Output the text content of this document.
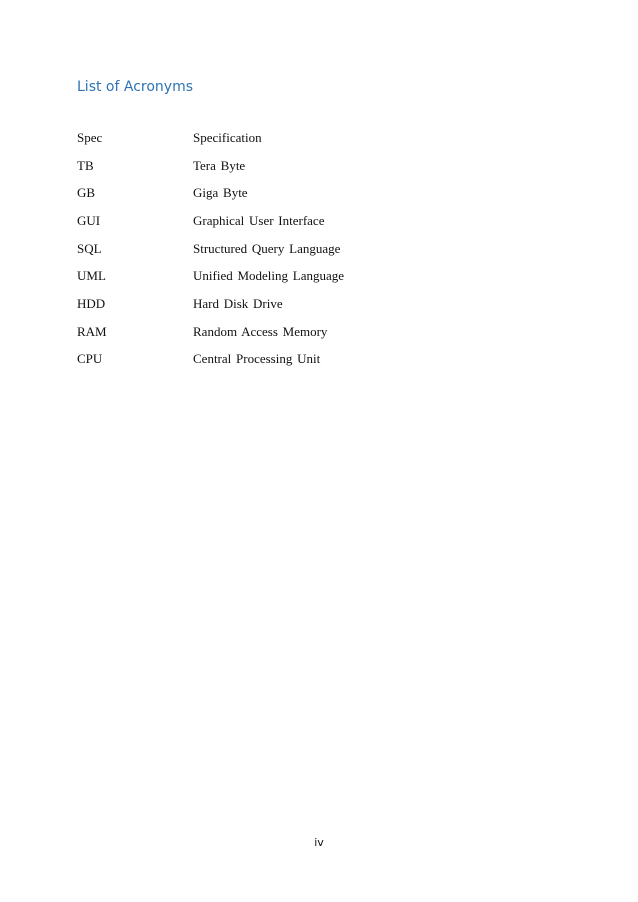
List of Acronyms
Spec	Specification
TB	Tera Byte
GB	Giga Byte
GUI	Graphical User Interface
SQL	Structured Query Language
UML	Unified Modeling Language
HDD	Hard Disk Drive
RAM	Random Access Memory
CPU	Central Processing Unit
iv
